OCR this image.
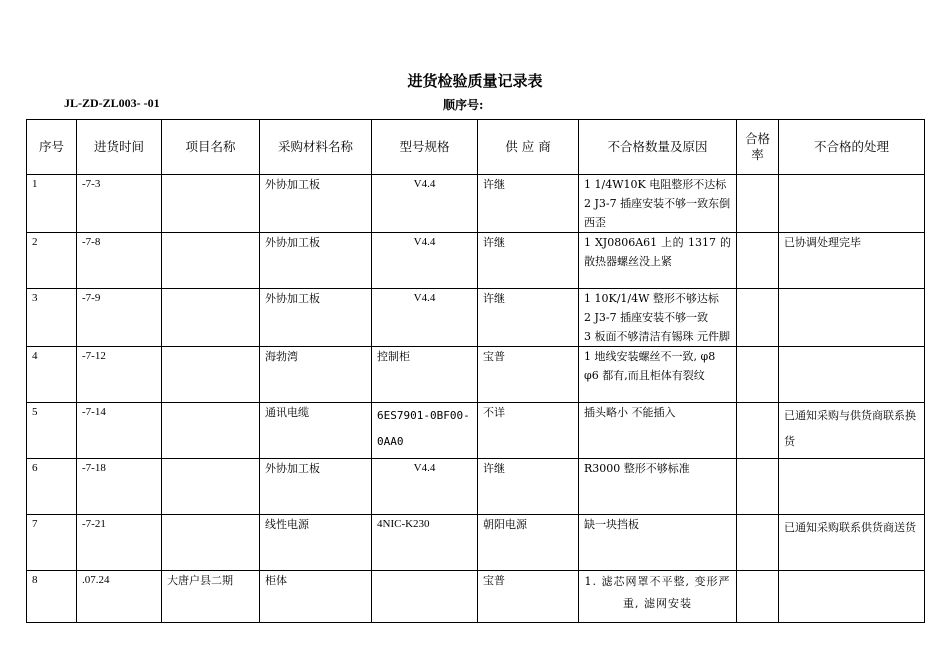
进货检验质量记录表
JL-ZD-ZL003- -01	顺序号:
序号	进货时间	项目名称	采购材料名称	型号规格	供 应 商	不合格数量及原因	合格率	不合格的处理
1	-7-3		外协加工板	V4.4	许继	1 1/4W10K 电阻整形不达标
2 J3-7 插座安装不够一致东倒西歪		

2	-7-8		外协加工板	V4.4	许继	1 XJ0806A61 上的 1317 的散热器螺丝没上紧		已协调处理完毕
3	-7-9		外协加工板	V4.4	许继	1 10K/1/4W 整形不够达标
2 J3-7 插座安装不够一致
3 板面不够清洁有锡珠 元件脚		

4	-7-12		海勃湾	控制柜	宝普	1 地线安装螺丝不一致, φ8 φ6 都有,而且柜体有裂纹		

5	-7-14		通讯电缆	6ES7901-0BF00-0AA0	不详	插头略小 不能插入		已通知采购与供货商联系换货
6	-7-18		外协加工板	V4.4	许继	R3000 整形不够标准		

7	-7-21		线性电源	4NIC-K230	朝阳电源	缺一块挡板		已通知采购联系供货商送货
8	.07.24	大唐户县二期	柜体		宝普	1. 滤芯网罩不平整, 变形严重, 滤网安装		
